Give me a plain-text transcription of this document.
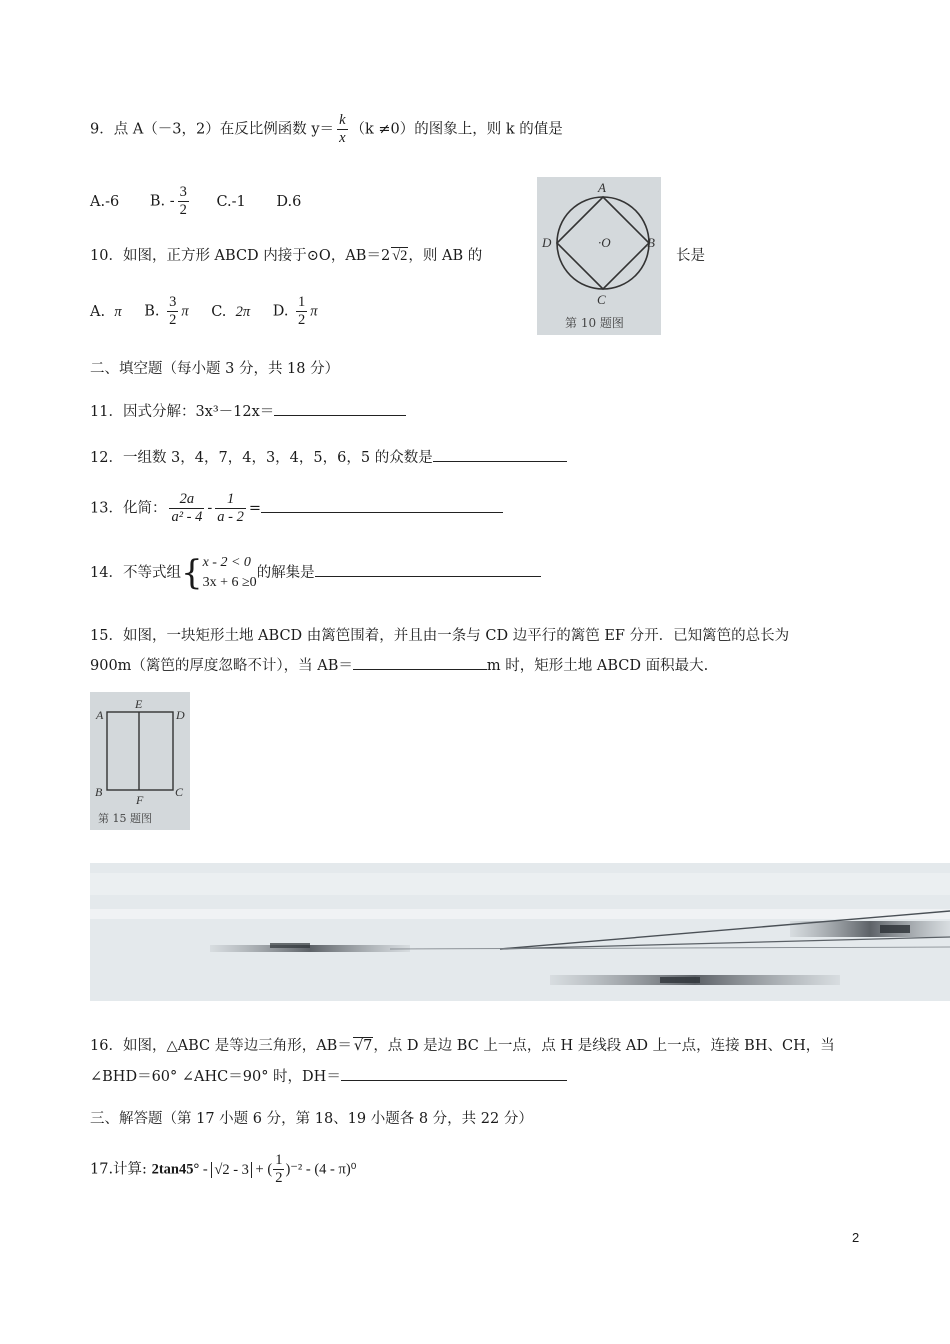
9．点 A（－3，2）在反比例函数 $y= \frac{k}{x} (k \ne 0)$的图象上，则 k 的值是
A.-6 B. - $\frac{3}{2} C.-1$ D.6
A
B
C
D	·O
第 10 题图
10．如图，正方形 ABCD 内接于⊙O，AB＝2 √2，则 AB 的	长是
A. π B. $\frac{3}{2}$ π C. 2π D. $\frac{1}{2}$ π
二、填空题（每小题 3 分，共 18 分）
11．因式分解：3x³－12x＝
12．一组数 3，4，7，4，3，4，5，6，5 的众数是
13．化简： $\frac{2a}{\text{a² - 4}} - \frac{1}{a - 2}$ =
14．不等式组{ x - 2 < 0
3x + 6 ≥0
的解集是
15．如图，一块矩形土地 ABCD 由篱笆围着，并且由一条与 CD 边平行的篱笆 EF 分开．已知篱笆的总长为
900m（篱笆的厚度忽略不计），当 AB＝	m 时，矩形土地 ABCD 面积最大.
A
E
D
B
F
C
第 15 题图
16．如图，△ABC 是等边三角形，AB＝ √7，点 D 是边 BC 上一点，点 H 是线段 AD 上一点，连接 BH、CH，当
∠BHD＝60° ∠AHC＝90° 时，DH＝
三、解答题（第 17 小题 6 分，第 18、19 小题各 8 分，共 22 分）
17.计算: 2tan45° - √2 - 3 + ( $\frac{1}{2} )^{-2} - (4 - \pi)^0$
2
